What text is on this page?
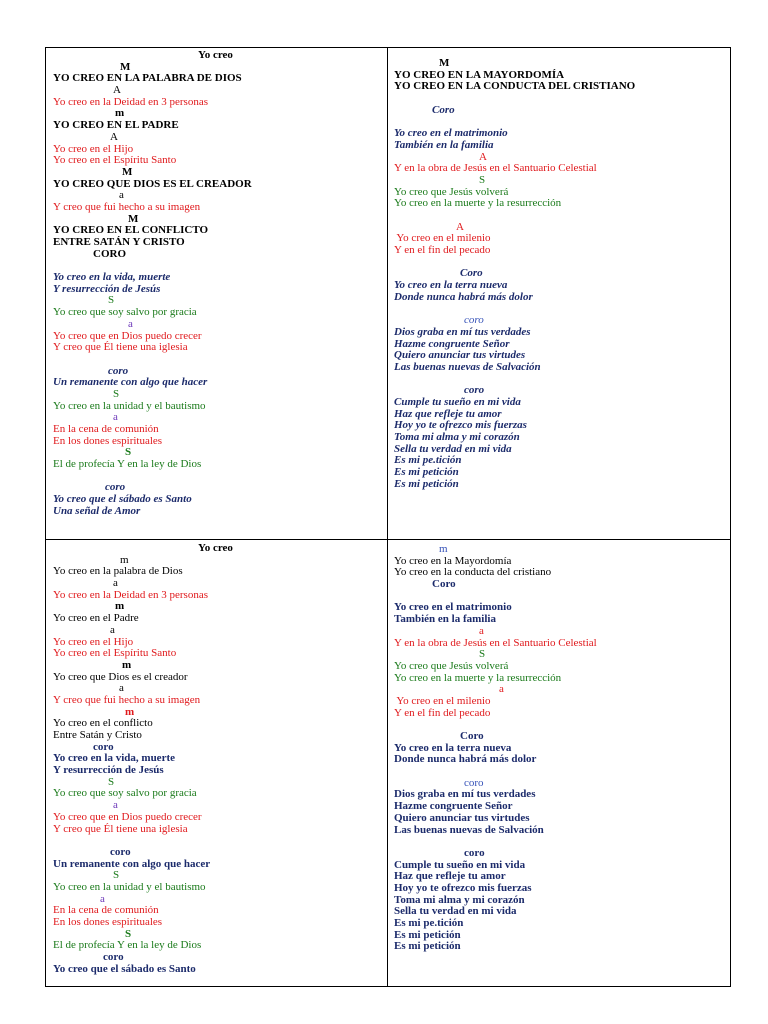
Yo creo
M
YO CREO EN LA PALABRA DE DIOS
A
Yo creo en la Deidad en 3 personas
m
YO CREO EN EL PADRE
A
Yo creo en el Hijo
Yo creo en el Espíritu Santo
M
YO CREO QUE DIOS ES EL CREADOR
a
Y creo que fui hecho a su imagen
M
YO CREO EN EL CONFLICTO
ENTRE SATÁN Y CRISTO
CORO
Yo creo en la vida, muerte
Y resurrección de Jesús
S
Yo creo que soy salvo por gracia
a
Yo creo que en Dios puedo crecer
Y creo que Él tiene una iglesia
coro
Un remanente con algo que hacer
S
Yo creo en la unidad y el bautismo
a
En la cena de comunión
En los dones espirituales
S
El de profecía Y en la ley de Dios
coro
Yo creo que el sábado es Santo
Una señal de Amor
M
YO CREO EN LA MAYORDOMÍA
YO CREO EN LA CONDUCTA DEL CRISTIANO
Coro
Yo creo en el matrimonio
También en la familia
A
Y en la obra de Jesús en el Santuario Celestial
S
Yo creo que Jesús volverá
Yo creo en la muerte y la resurrección
A
Yo creo en el milenio
Y en el fin del pecado
Coro
Yo creo en la terra nueva
Donde nunca habrá más dolor
coro
Dios graba en mí tus verdades
Hazme congruente Señor
Quiero anunciar tus virtudes
Las buenas nuevas de Salvación
coro
Cumple tu sueño en mi vida
Haz que refleje tu amor
Hoy yo te ofrezco mis fuerzas
Toma mi alma y mi corazón
Sella tu verdad en mi vida
Es mi pe.tición
Es mi petición
Es mi petición
Yo creo
m
Yo creo en la palabra de Dios
a
Yo creo en la Deidad en 3 personas
m
Yo creo en el Padre
a
Yo creo en el Hijo
Yo creo en el Espíritu Santo
m
Yo creo que Dios es el creador
a
Y creo que fui hecho a su imagen
m
Yo creo en el conflicto
Entre Satán y Cristo
coro
Yo creo en la vida, muerte
Y resurrección de Jesús
S
Yo creo que soy salvo por gracia
a
Yo creo que en Dios puedo crecer
Y creo que Él tiene una iglesia
coro
Un remanente con algo que hacer
S
Yo creo en la unidad y el bautismo
a
En la cena de comunión
En los dones espirituales
S
El de profecía Y en la ley de Dios
coro
Yo creo que el sábado es Santo
m
Yo creo en la Mayordomía
Yo creo en la conducta del cristiano
Coro
Yo creo en el matrimonio
También en la familia
a
Y en la obra de Jesús en el Santuario Celestial
S
Yo creo que Jesús volverá
Yo creo en la muerte y la resurrección
a
Yo creo en el milenio
Y en el fin del pecado
Coro
Yo creo en la terra nueva
Donde nunca habrá más dolor
coro
Dios graba en mí tus verdades
Hazme congruente Señor
Quiero anunciar tus virtudes
Las buenas nuevas de Salvación
coro
Cumple tu sueño en mi vida
Haz que refleje tu amor
Hoy yo te ofrezco mis fuerzas
Toma mi alma y mi corazón
Sella tu verdad en mi vida
Es mi pe.tición
Es mi petición
Es mi petición
